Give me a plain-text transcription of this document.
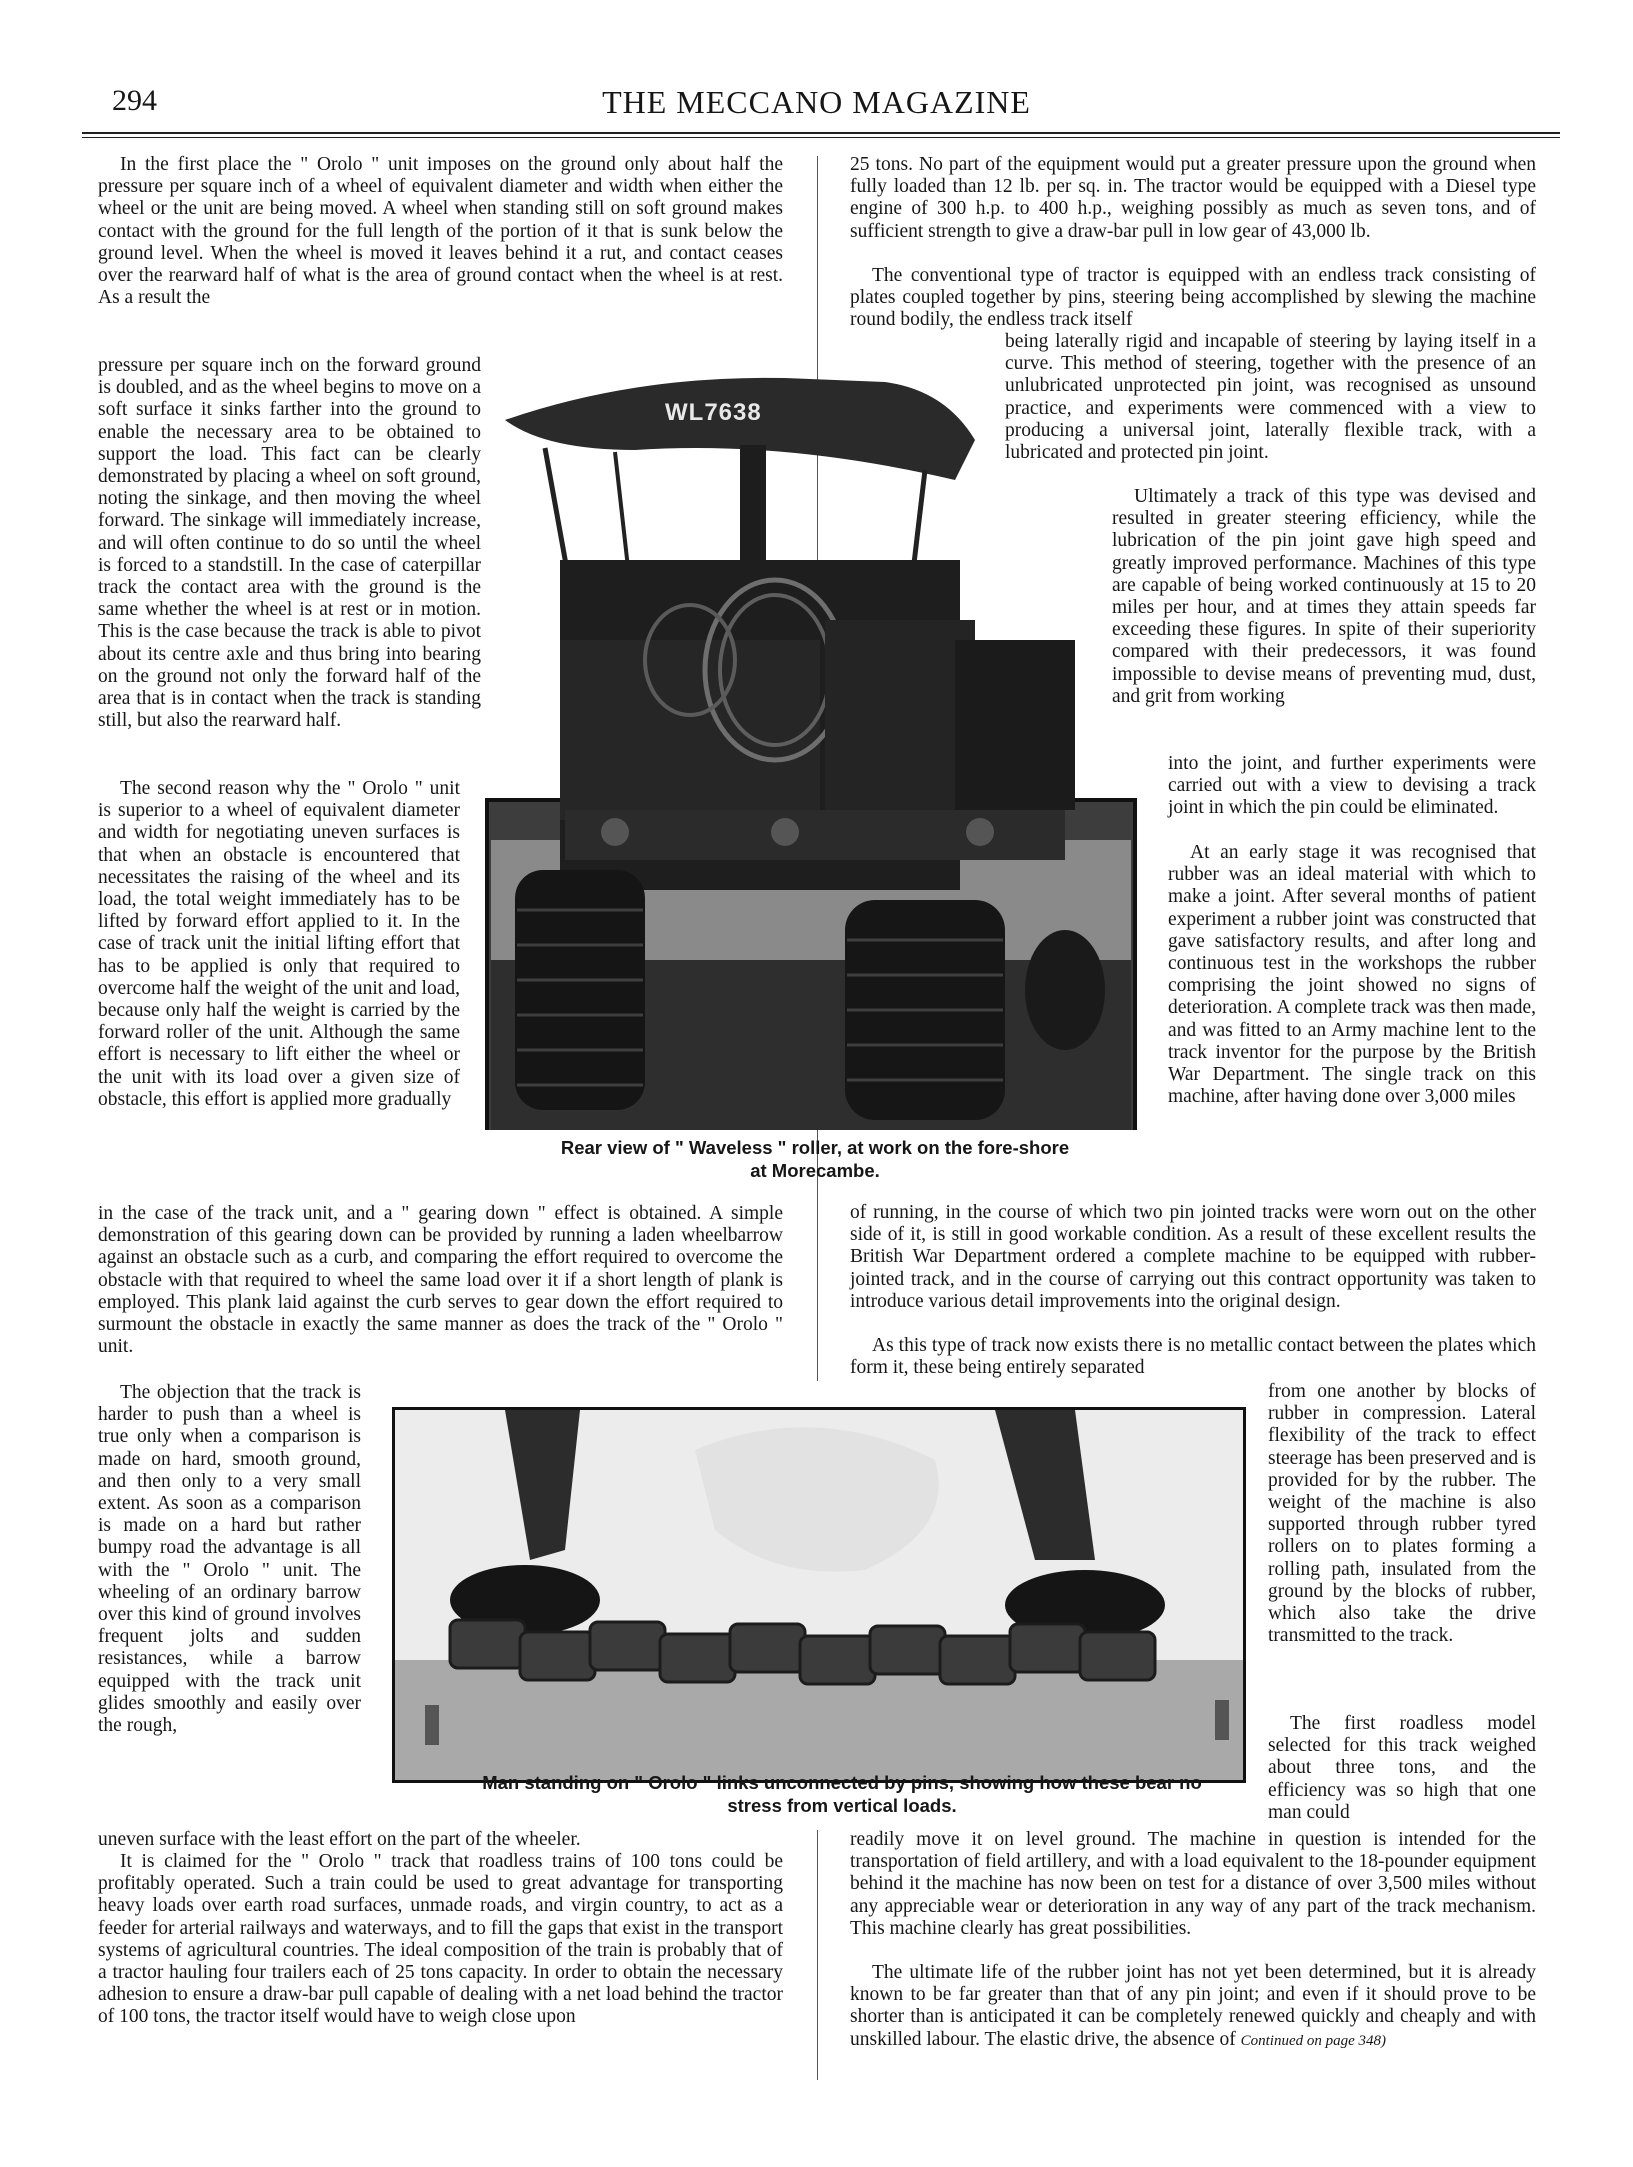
294	THE MECCANO MAGAZINE

In the first place the " Orolo " unit imposes on the ground only about half the pressure per square inch of a wheel of equivalent diameter and width when either the wheel or the unit are being moved. A wheel when standing still on soft ground makes contact with the ground for the full length of the portion of it that is sunk below the ground level. When the wheel is moved it leaves behind it a rut, and contact ceases over the rearward half of what is the area of ground contact when the wheel is at rest. As a result the

pressure per square inch on the forward ground is doubled, and as the wheel begins to move on a soft surface it sinks farther into the ground to enable the necessary area to be obtained to support the load. This fact can be clearly demonstrated by placing a wheel on soft ground, noting the sinkage, and then moving the wheel forward. The sinkage will immediately increase, and will often continue to do so until the wheel is forced to a standstill. In the case of caterpillar track the contact area with the ground is the same whether the wheel is at rest or in motion. This is the case because the track is able to pivot about its centre axle and thus bring into bearing on the ground not only the forward half of the area that is in contact when the track is standing still, but also the rearward half.

The second reason why the " Orolo " unit is superior to a wheel of equivalent diameter and width for negotiating uneven surfaces is that when an obstacle is encountered that necessitates the raising of the wheel and its load, the total weight immediately has to be lifted by forward effort applied to it. In the case of track unit the initial lifting effort that has to be applied is only that required to overcome half the weight of the unit and load, because only half the weight is carried by the forward roller of the unit. Although the same effort is necessary to lift either the wheel or the unit with its load over a given size of obstacle, this effort is applied more gradually

in the case of the track unit, and a " gearing down " effect is obtained. A simple demonstration of this gearing down can be provided by running a laden wheelbarrow against an obstacle such as a curb, and comparing the effort required to overcome the obstacle with that required to wheel the same load over it if a short length of plank is employed. This plank laid against the curb serves to gear down the effort required to surmount the obstacle in exactly the same manner as does the track of the " Orolo " unit.

The objection that the track is harder to push than a wheel is true only when a comparison is made on hard, smooth ground, and then only to a very small extent. As soon as a comparison is made on a hard but rather bumpy road the advantage is all with the " Orolo " unit. The wheeling of an ordinary barrow over this kind of ground involves frequent jolts and sudden resistances, while a barrow equipped with the track unit glides smoothly and easily over the rough,

uneven surface with the least effort on the part of the wheeler.

It is claimed for the " Orolo " track that roadless trains of 100 tons could be profitably operated. Such a train could be used to great advantage for transporting heavy loads over earth road surfaces, unmade roads, and virgin country, to act as a feeder for arterial railways and waterways, and to fill the gaps that exist in the transport systems of agricultural countries. The ideal composition of the train is probably that of a tractor hauling four trailers each of 25 tons capacity. In order to obtain the necessary adhesion to ensure a draw-bar pull capable of dealing with a net load behind the tractor of 100 tons, the tractor itself would have to weigh close upon

25 tons. No part of the equipment would put a greater pressure upon the ground when fully loaded than 12 lb. per sq. in. The tractor would be equipped with a Diesel type engine of 300 h.p. to 400 h.p., weighing possibly as much as seven tons, and of sufficient strength to give a draw-bar pull in low gear of 43,000 lb.

The conventional type of tractor is equipped with an endless track consisting of plates coupled together by pins, steering being accomplished by slewing the machine round bodily, the endless track itself

being laterally rigid and incapable of steering by laying itself in a curve. This method of steering, together with the presence of an unlubricated unprotected pin joint, was recognised as unsound practice, and experiments were commenced with a view to producing a universal joint, laterally flexible track, with a lubricated and protected pin joint.

Ultimately a track of this type was devised and resulted in greater steering efficiency, while the lubrication of the pin joint gave high speed and greatly improved performance. Machines of this type are capable of being worked continuously at 15 to 20 miles per hour, and at times they attain speeds far exceeding these figures. In spite of their superiority compared with their predecessors, it was found impossible to devise means of preventing mud, dust, and grit from working

into the joint, and further experiments were carried out with a view to devising a track joint in which the pin could be eliminated.

At an early stage it was recognised that rubber was an ideal material with which to make a joint. After several months of patient experiment a rubber joint was constructed that gave satisfactory results, and after long and continuous test in the workshops the rubber comprising the joint showed no signs of deterioration. A complete track was then made, and was fitted to an Army machine lent to the track inventor for the purpose by the British War Department. The single track on this machine, after having done over 3,000 miles

of running, in the course of which two pin jointed tracks were worn out on the other side of it, is still in good workable condition. As a result of these excellent results the British War Department ordered a complete machine to be equipped with rubber-jointed track, and in the course of carrying out this contract opportunity was taken to introduce various detail improvements into the original design.

As this type of track now exists there is no metallic contact between the plates which form it, these being entirely separated

from one another by blocks of rubber in compression. Lateral flexibility of the track to effect steerage has been preserved and is provided for by the rubber. The weight of the machine is also supported through rubber tyred rollers on to plates forming a rolling path, insulated from the ground by the blocks of rubber, which also take the drive transmitted to the track.

The first roadless model selected for this track weighed about three tons, and the efficiency was so high that one man could

readily move it on level ground. The machine in question is intended for the transportation of field artillery, and with a load equivalent to the 18-pounder equipment behind it the machine has now been on test for a distance of over 3,500 miles without any appreciable wear or deterioration in any way of any part of the track mechanism. This machine clearly has great possibilities.

The ultimate life of the rubber joint has not yet been determined, but it is already known to be far greater than that of any pin joint; and even if it should prove to be shorter than is anticipated it can be completely renewed quickly and cheaply and with unskilled labour. The elastic drive, the absence of Continued on page 348)

WL7638
Rear view of " Waveless " roller, at work on the fore-shore
at Morecambe.
Man standing on " Orolo " links unconnected by pins, showing how these bear no
stress from vertical loads.
